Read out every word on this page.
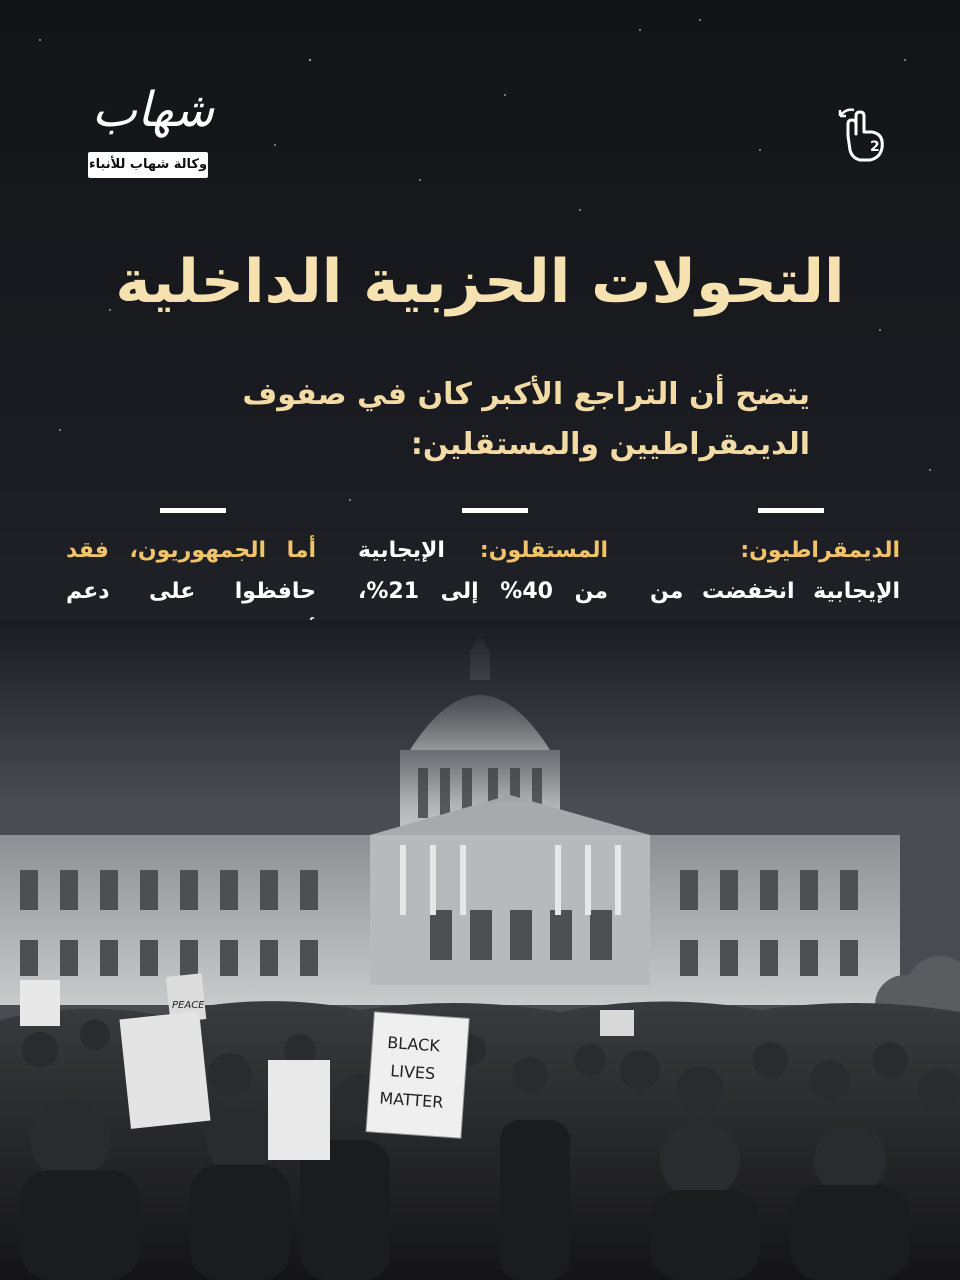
شهاب
وكالة شهاب للأنباء
2
التحولات الحزبية الداخلية
يتضح أن التراجع الأكبر كان في صفوف الديمقراطيين والمستقلين:
الديمقراطيون: الإيجابية انخفضت من
المستقلون: الإيجابية من 40% إلى 21%،
أما الجمهوريون، فقد حافظوا على دعم
